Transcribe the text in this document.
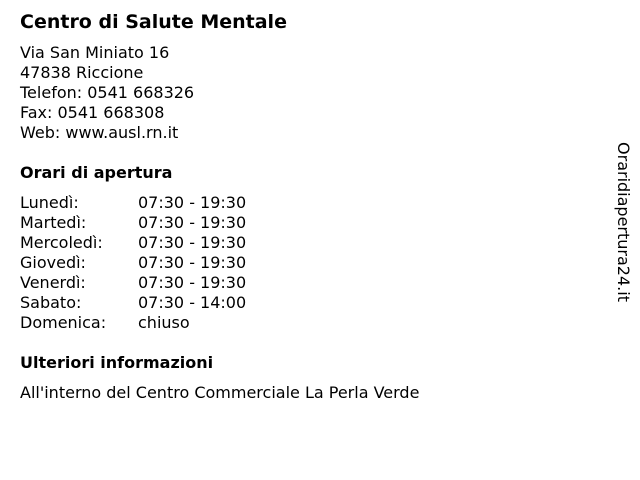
Centro di Salute Mentale
Via San Miniato 16
47838 Riccione
Telefon: 0541 668326
Fax: 0541 668308
Web: www.ausl.rn.it
Orari di apertura
Lunedì:	07:30 - 19:30
Martedì:	07:30 - 19:30
Mercoledì:	07:30 - 19:30
Giovedì:	07:30 - 19:30
Venerdì:	07:30 - 19:30
Sabato:	07:30 - 14:00
Domenica:	chiuso
Ulteriori informazioni
All'interno del Centro Commerciale La Perla Verde
Oraridiapertura24.it
